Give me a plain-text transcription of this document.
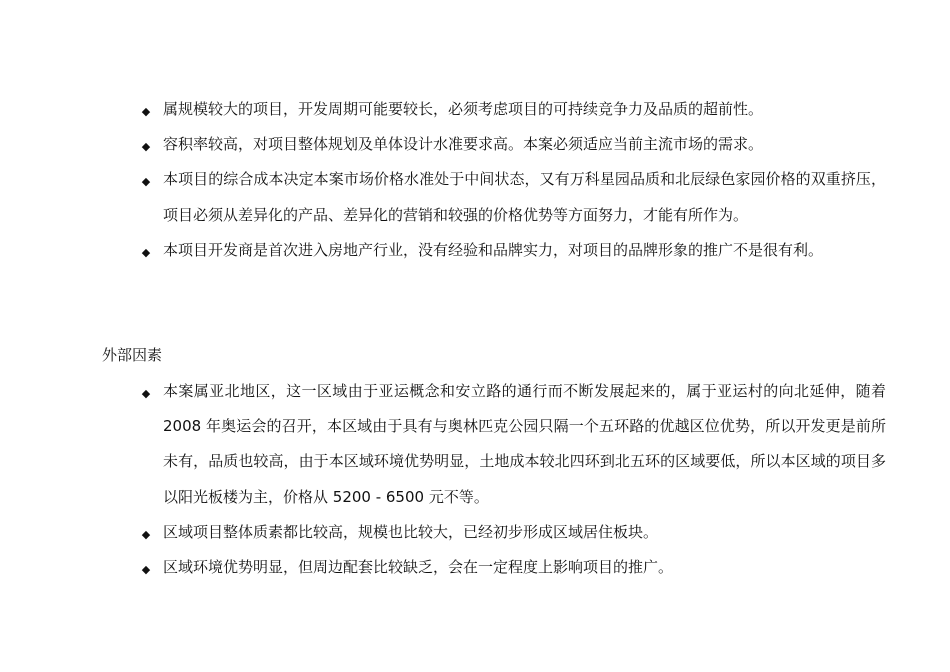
◆ 属规模较大的项目，开发周期可能要较长，必须考虑项目的可持续竞争力及品质的超前性。
◆ 容积率较高，对项目整体规划及单体设计水准要求高。本案必须适应当前主流市场的需求。
◆ 本项目的综合成本决定本案市场价格水准处于中间状态，又有万科星园品质和北辰绿色家园价格的双重挤压，项目必须从差异化的产品、差异化的营销和较强的价格优势等方面努力，才能有所作为。
◆ 本项目开发商是首次进入房地产行业，没有经验和品牌实力，对项目的品牌形象的推广不是很有利。
外部因素
◆ 本案属亚北地区，这一区域由于亚运概念和安立路的通行而不断发展起来的，属于亚运村的向北延伸，随着 2008 年奥运会的召开，本区域由于具有与奥林匹克公园只隔一个五环路的优越区位优势，所以开发更是前所未有，品质也较高，由于本区域环境优势明显，土地成本较北四环到北五环的区域要低，所以本区域的项目多以阳光板楼为主，价格从 5200 - 6500 元不等。
◆ 区域项目整体质素都比较高，规模也比较大，已经初步形成区域居住板块。
◆ 区域环境优势明显，但周边配套比较缺乏，会在一定程度上影响项目的推广。
